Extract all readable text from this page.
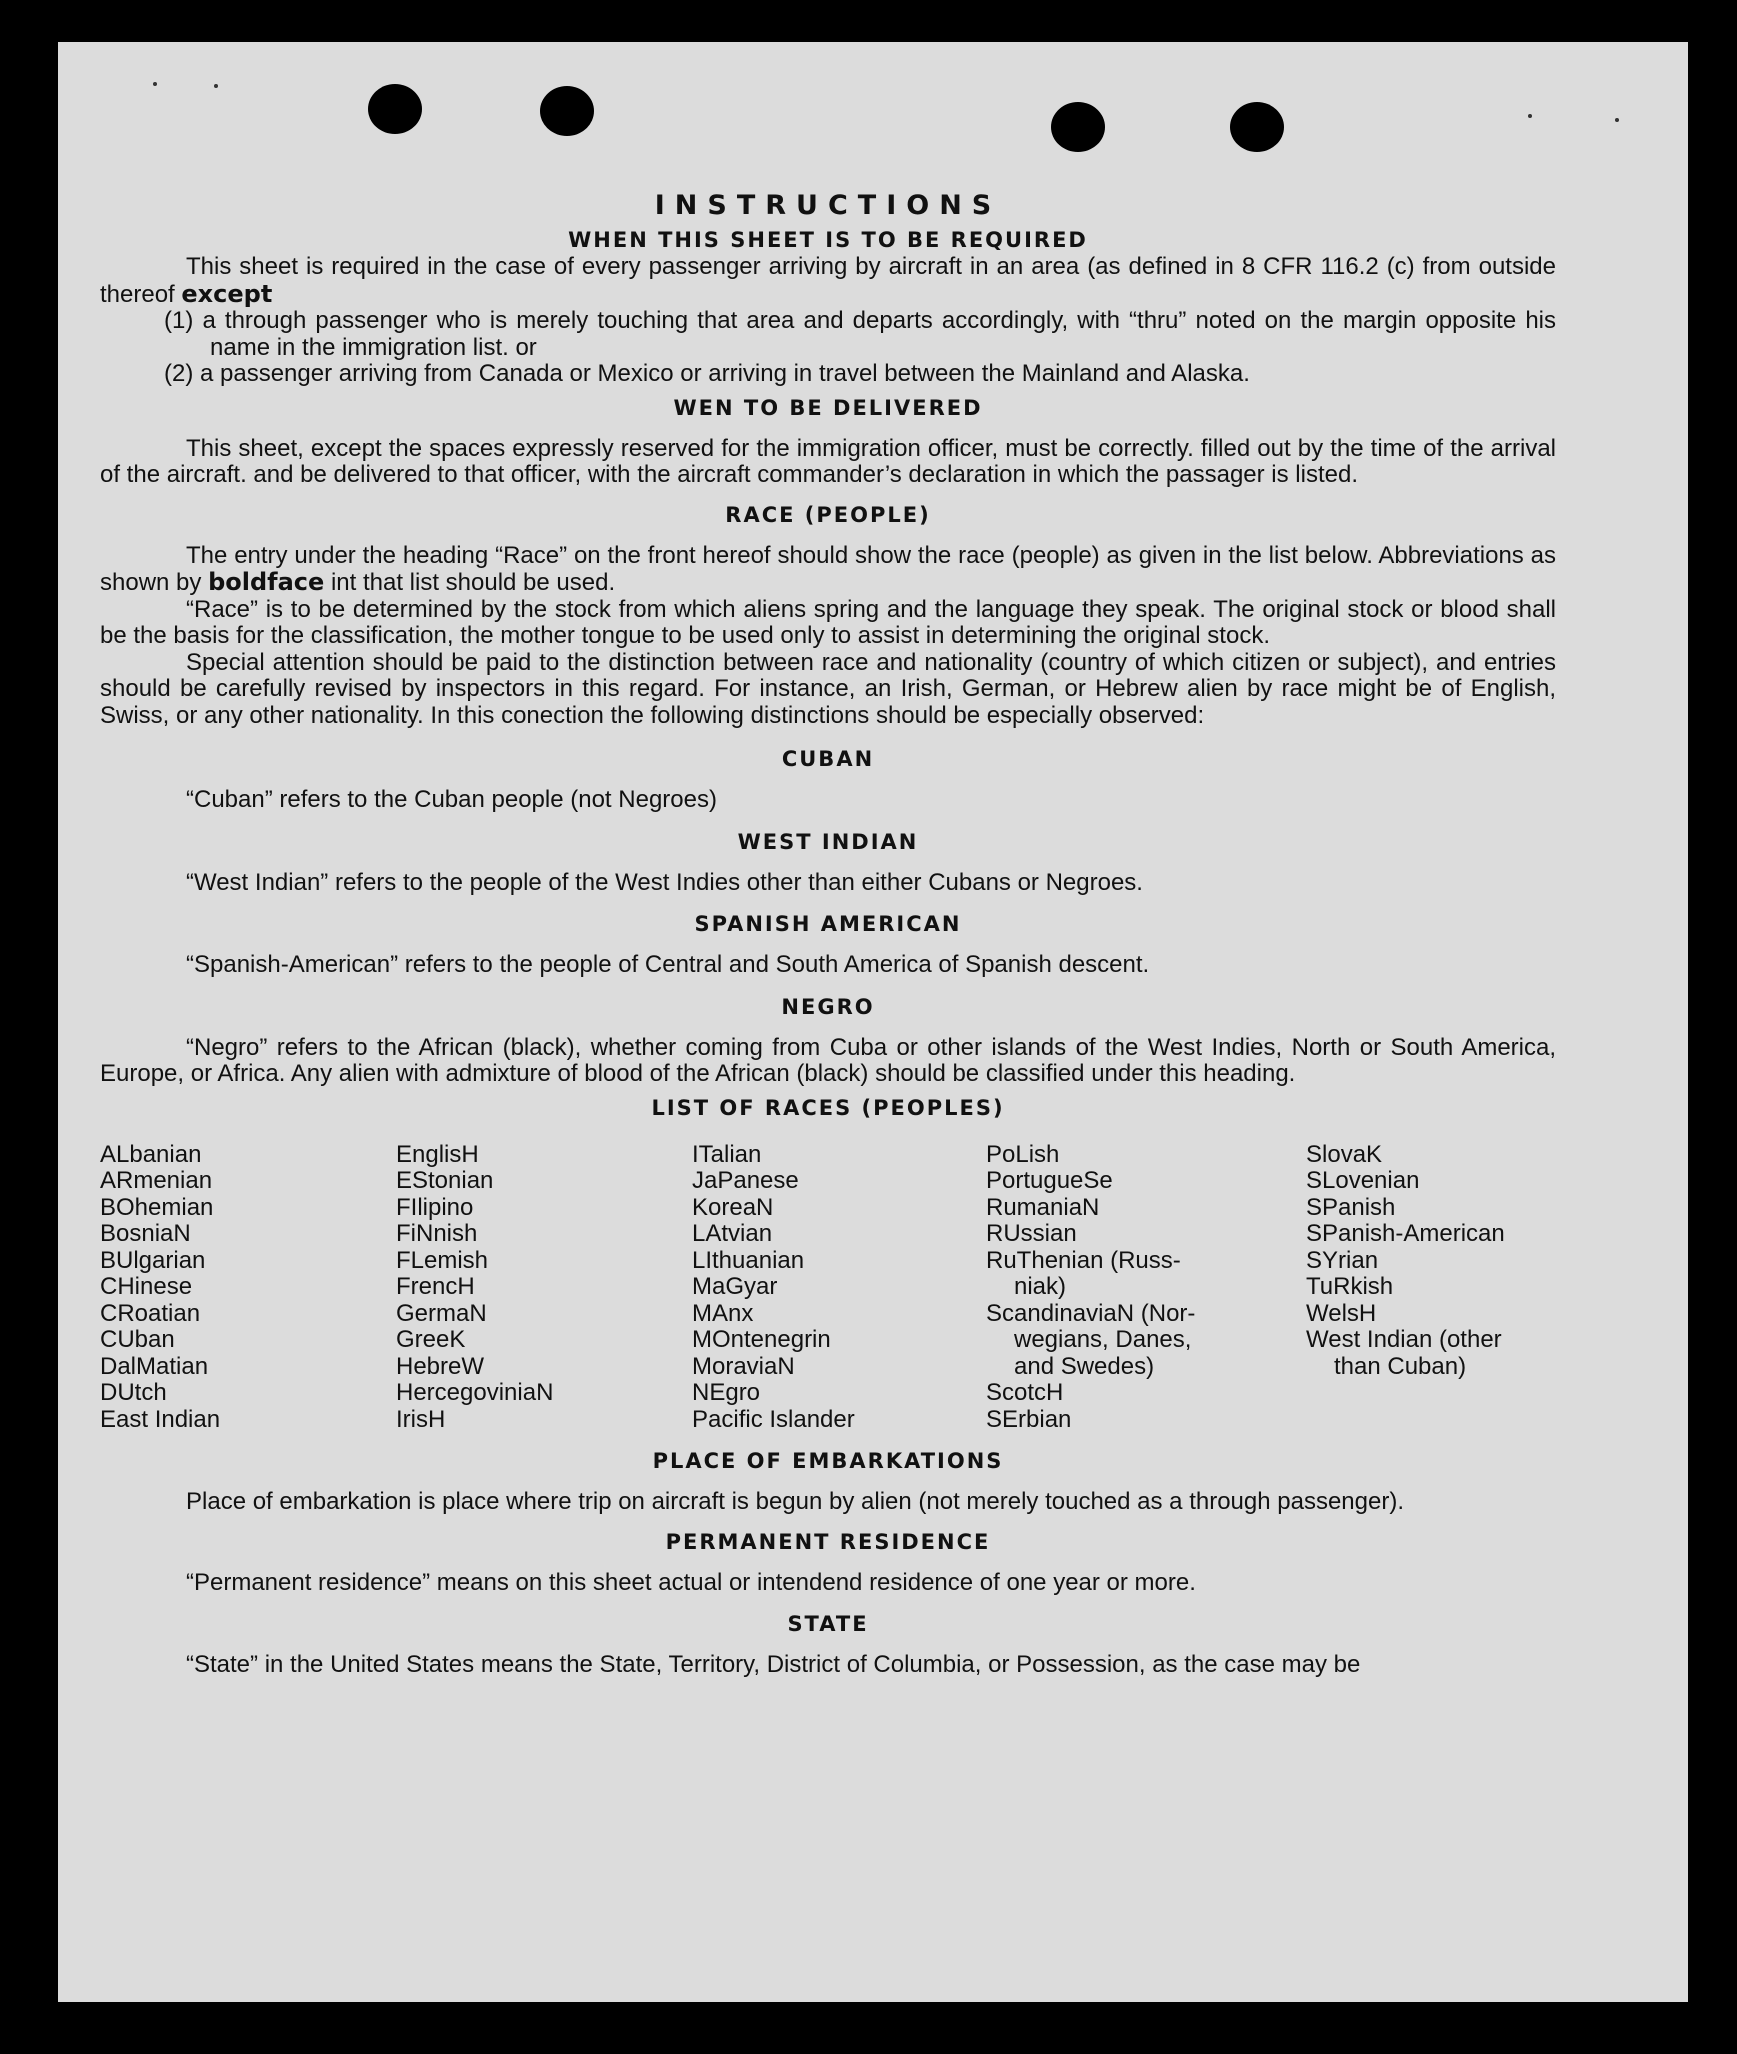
INSTRUCTIONS
WHEN THIS SHEET IS TO BE REQUIRED

This sheet is required in the case of every passenger arriving by aircraft in an area (as defined in 8 CFR 116.2 (c) from outside thereof except

(1) a through passenger who is merely touching that area and departs accordingly, with “thru” noted on the margin opposite his name in the immigration list. or

(2) a passenger arriving from Canada or Mexico or arriving in travel between the Mainland and Alaska.

WEN TO BE DELIVERED

This sheet, except the spaces expressly reserved for the immigration officer, must be correctly. filled out by the time of the arrival of the aircraft. and be delivered to that officer, with the aircraft commander’s declaration in which the passager is listed.

RACE (PEOPLE)

The entry under the heading “Race” on the front hereof should show the race (people) as given in the list below. Abbreviations as shown by boldface int that list should be used.

“Race” is to be determined by the stock from which aliens spring and the language they speak. The original stock or blood shall be the basis for the classification, the mother tongue to be used only to assist in determining the original stock.

Special attention should be paid to the distinction between race and nationality (country of which citizen or subject), and entries should be carefully revised by inspectors in this regard. For instance, an Irish, German, or Hebrew alien by race might be of English, Swiss, or any other nationality. In this conection the following distinctions should be especially observed:

CUBAN

“Cuban” refers to the Cuban people (not Negroes)

WEST INDIAN

“West Indian” refers to the people of the West Indies other than either Cubans or Negroes.

SPANISH AMERICAN

“Spanish-American” refers to the people of Central and South America of Spanish descent.

NEGRO

“Negro” refers to the African (black), whether coming from Cuba or other islands of the West Indies, North or South America, Europe, or Africa. Any alien with admixture of blood of the African (black) should be classified under this heading.

LIST OF RACES (PEOPLES)
ALbanian
ARmenian
BOhemian
BosniaN
BUlgarian
CHinese
CRoatian
CUban
DalMatian
DUtch
East Indian
EnglisH
EStonian
FIlipino
FiNnish
FLemish
FrencH
GermaN
GreeK
HebreW
HercegoviniaN
IrisH
ITalian
JaPanese
KoreaN
LAtvian
LIthuanian
MaGyar
MAnx
MOntenegrin
MoraviaN
NEgro
Pacific Islander
PoLish
PortugueSe
RumaniaN
RUssian
RuThenian (Russ-
niak)
ScandinaviaN (Nor-
wegians, Danes,
and Swedes)
ScotcH
SErbian
SlovaK
SLovenian
SPanish
SPanish-American
SYrian
TuRkish
WelsH
West Indian (other
than Cuban)
PLACE OF EMBARKATIONS

Place of embarkation is place where trip on aircraft is begun by alien (not merely touched as a through passenger).

PERMANENT RESIDENCE

“Permanent residence” means on this sheet actual or intendend residence of one year or more.

STATE

“State” in the United States means the State, Territory, District of Columbia, or Possession, as the case may be
